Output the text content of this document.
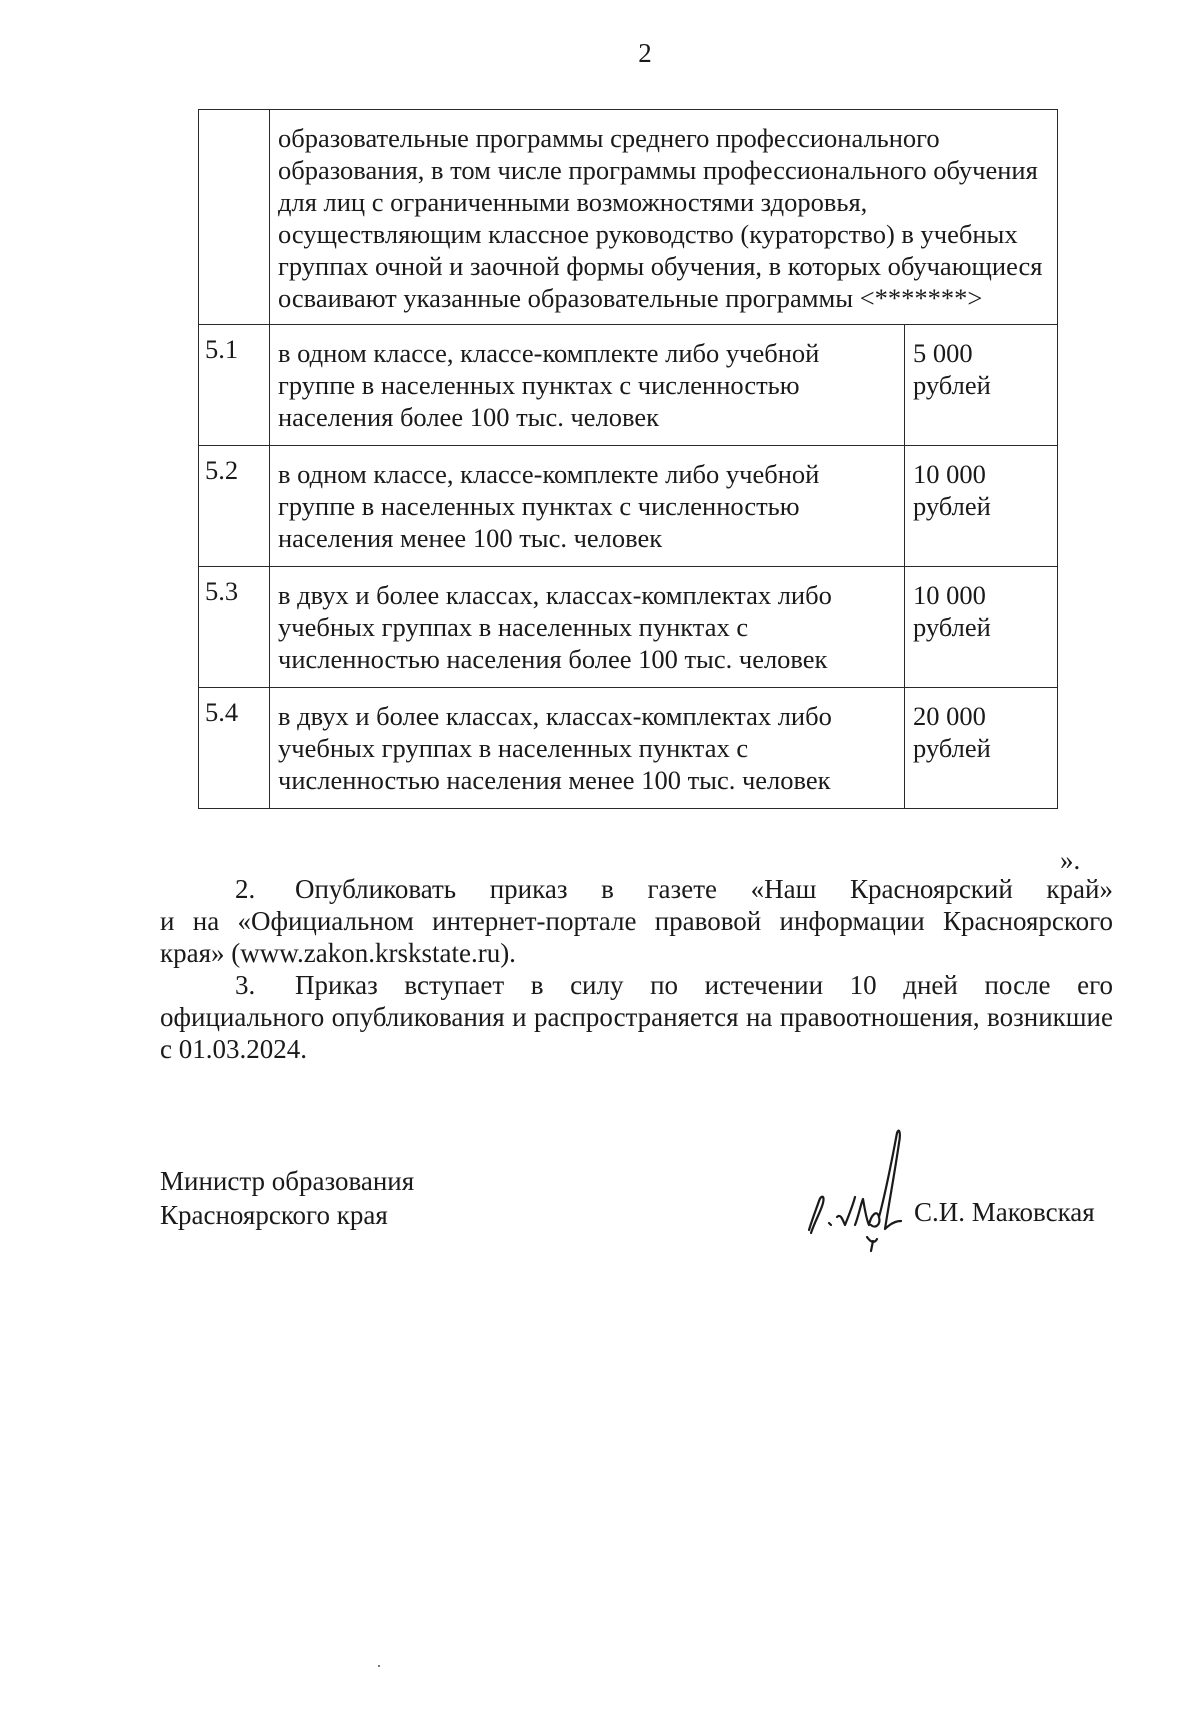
2
	образовательные программы среднего профессионального образования, в том числе программы профессионального обучения для лиц с ограниченными возможностями здоровья, осуществляющим классное руководство (кураторство) в учебных группах очной и заочной формы обучения, в которых обучающиеся осваивают указанные образовательные программы <*******>	
5.1	в одном классе, классе-комплекте либо учебной группе в населенных пунктах с численностью населения более 100 тыс. человек	5 000
рублей

5.2	в одном классе, классе-комплекте либо учебной группе в населенных пунктах с численностью населения менее 100 тыс. человек	10 000
рублей

5.3	в двух и более классах, классах-комплектах либо учебных группах в населенных пунктах с численностью населения более 100 тыс. человек	10 000
рублей

5.4	в двух и более классах, классах-комплектах либо учебных группах в населенных пунктах с численностью населения менее 100 тыс. человек	20 000
рублей
».
2. Опубликовать приказ в газете «Наш Красноярский край»
и на «Официальном интернет-портале правовой информации Красноярского края» (www.zakon.krskstate.ru).
3. Приказ вступает в силу по истечении 10 дней после его
официального опубликования и распространяется на правоотношения, возникшие с 01.03.2024.
Министр образования
Красноярского края	С.И. Маковская
